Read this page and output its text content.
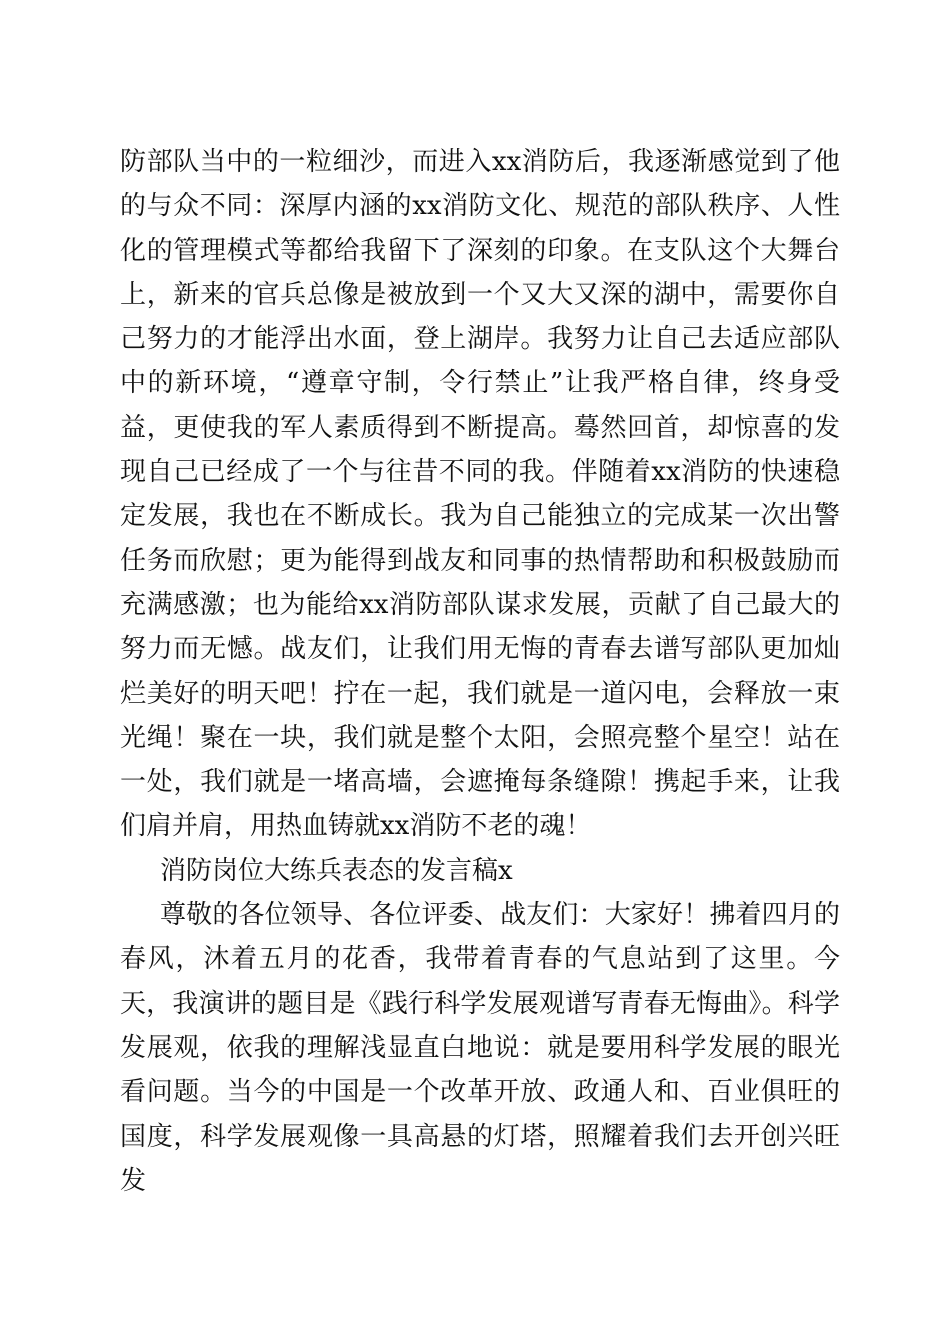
防部队当中的一粒细沙，而进入xx消防后，我逐渐感觉到了他的与众不同：深厚内涵的xx消防文化、规范的部队秩序、人性化的管理模式等都给我留下了深刻的印象。在支队这个大舞台上，新来的官兵总像是被放到一个又大又深的湖中，需要你自己努力的才能浮出水面，登上湖岸。我努力让自己去适应部队中的新环境，“遵章守制，令行禁止”让我严格自律，终身受益，更使我的军人素质得到不断提高。蓦然回首，却惊喜的发现自己已经成了一个与往昔不同的我。伴随着xx消防的快速稳定发展，我也在不断成长。我为自己能独立的完成某一次出警任务而欣慰；更为能得到战友和同事的热情帮助和积极鼓励而充满感激；也为能给xx消防部队谋求发展，贡献了自己最大的努力而无憾。战友们，让我们用无悔的青春去谱写部队更加灿烂美好的明天吧！拧在一起，我们就是一道闪电，会释放一束光绳！聚在一块，我们就是整个太阳，会照亮整个星空！站在一处，我们就是一堵高墙，会遮掩每条缝隙！携起手来，让我们肩并肩，用热血铸就xx消防不老的魂！

消防岗位大练兵表态的发言稿x

尊敬的各位领导、各位评委、战友们：大家好！拂着四月的春风，沐着五月的花香，我带着青春的气息站到了这里。今天，我演讲的题目是《践行科学发展观谱写青春无悔曲》。科学发展观，依我的理解浅显直白地说：就是要用科学发展的眼光看问题。当今的中国是一个改革开放、政通人和、百业俱旺的国度，科学发展观像一具高悬的灯塔，照耀着我们去开创兴旺发
